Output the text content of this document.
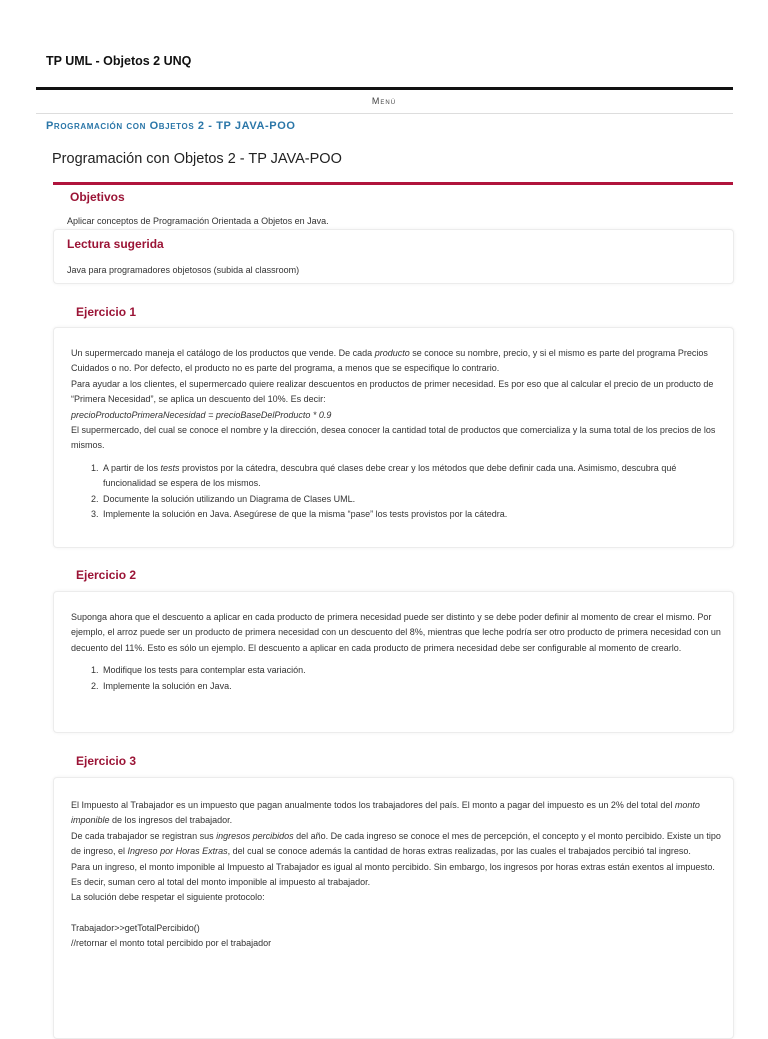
TP UML - Objetos 2 UNQ
Menú
Programación con Objetos 2 - TP JAVA-POO
Programación con Objetos 2 - TP JAVA-POO
Objetivos

Aplicar conceptos de Programación Orientada a Objetos en Java.

Lectura sugerida

Java para programadores objetosos (subida al classroom)

Ejercicio 1

Un supermercado maneja el catálogo de los productos que vende. De cada producto se conoce su nombre, precio, y si el mismo es parte del programa Precios Cuidados o no. Por defecto, el producto no es parte del programa, a menos que se especifique lo contrario.

Para ayudar a los clientes, el supermercado quiere realizar descuentos en productos de primer necesidad. Es por eso que al calcular el precio de un producto de “Primera Necesidad”, se aplica un descuento del 10%. Es decir:

precioProductoPrimeraNecesidad = precioBaseDelProducto * 0.9

El supermercado, del cual se conoce el nombre y la dirección, desea conocer la cantidad total de productos que comercializa y la suma total de los precios de los mismos.

1. A partir de los tests provistos por la cátedra, descubra qué clases debe crear y los métodos que debe definir cada una. Asimismo, descubra qué funcionalidad se espera de los mismos.
2. Documente la solución utilizando un Diagrama de Clases UML.
3. Implemente la solución en Java. Asegúrese de que la misma “pase” los tests provistos por la cátedra.
Ejercicio 2

Suponga ahora que el descuento a aplicar en cada producto de primera necesidad puede ser distinto y se debe poder definir al momento de crear el mismo. Por ejemplo, el arroz puede ser un producto de primera necesidad con un descuento del 8%, mientras que leche podría ser otro producto de primera necesidad con un decuento del 11%. Esto es sólo un ejemplo. El descuento a aplicar en cada producto de primera necesidad debe ser configurable al momento de crearlo.

1. Modifique los tests para contemplar esta variación.
2. Implemente la solución en Java.
Ejercicio 3

El Impuesto al Trabajador es un impuesto que pagan anualmente todos los trabajadores del país. El monto a pagar del impuesto es un 2% del total del monto imponible de los ingresos del trabajador.

De cada trabajador se registran sus ingresos percibidos del año. De cada ingreso se conoce el mes de percepción, el concepto y el monto percibido. Existe un tipo de ingreso, el Ingreso por Horas Extras, del cual se conoce además la cantidad de horas extras realizadas, por las cuales el trabajados percibió tal ingreso.

Para un ingreso, el monto imponible al Impuesto al Trabajador es igual al monto percibido. Sin embargo, los ingresos por horas extras están exentos al impuesto. Es decir, suman cero al total del monto imponible al impuesto al trabajador.

La solución debe respetar el siguiente protocolo:

Trabajador>>getTotalPercibido()

//retornar el monto total percibido por el trabajador
